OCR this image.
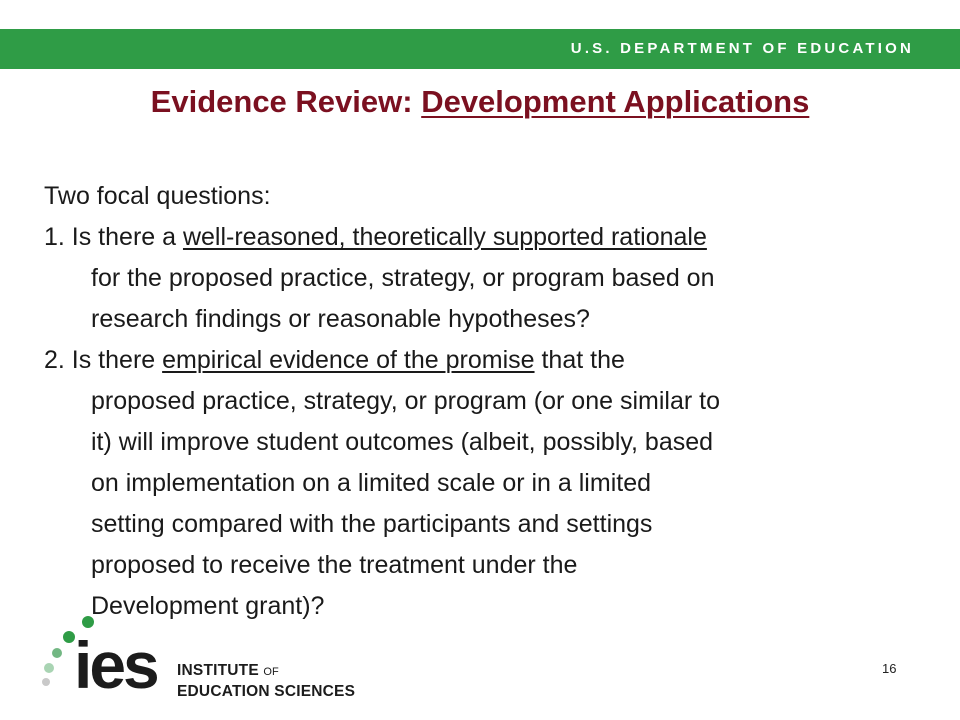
U.S. DEPARTMENT OF EDUCATION
Evidence Review: Development Applications
Two focal questions:
1. Is there a well-reasoned, theoretically supported rationale
for the proposed practice, strategy, or program based on
research findings or reasonable hypotheses?
2. Is there empirical evidence of the promise that the
proposed practice, strategy, or program (or one similar to
it) will improve student outcomes (albeit, possibly, based
on implementation on a limited scale or in a limited
setting compared with the participants and settings
proposed to receive the treatment under the
Development grant)?
ies INSTITUTE OF
EDUCATION SCIENCES
16
